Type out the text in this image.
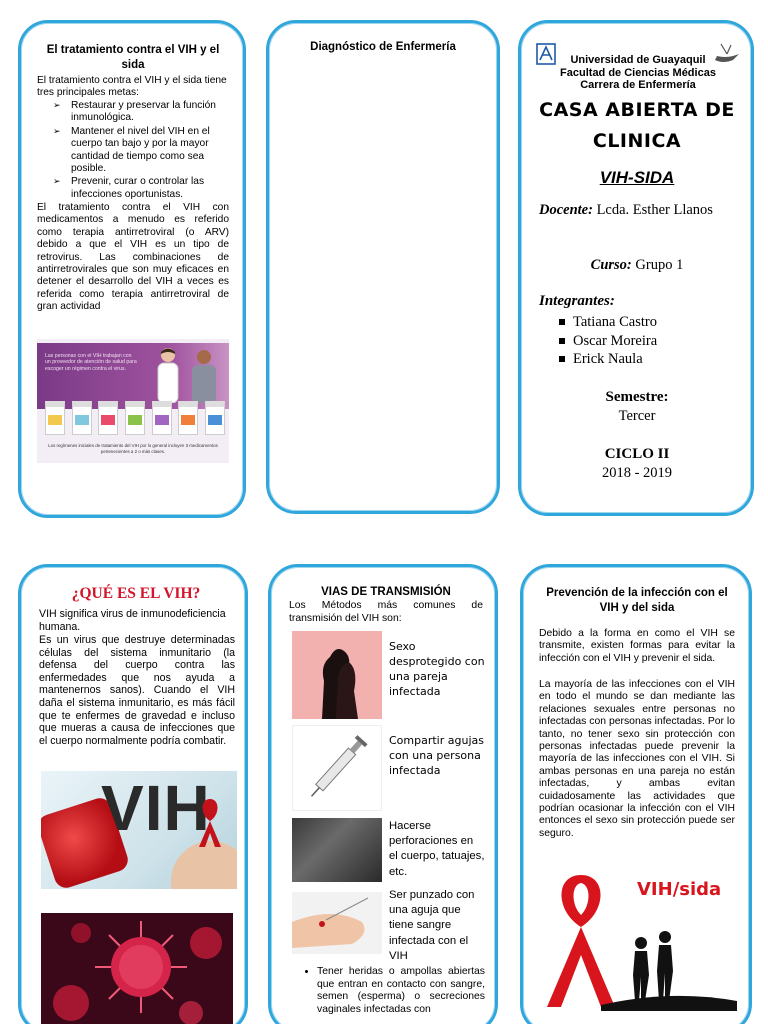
El tratamiento contra el VIH y el sida
El tratamiento contra el VIH y el sida tiene tres principales metas:
➢ Restaurar y preservar la función inmunológica.
➢ Mantener el nivel del VIH en el cuerpo tan bajo y por la mayor cantidad de tiempo como sea posible.
➢ Prevenir, curar o controlar las infecciones oportunistas.
El tratamiento contra el VIH con medicamentos a menudo es referido como terapia antirretroviral (o ARV) debido a que el VIH es un tipo de retrovirus. Las combinaciones de antirretrovirales que son muy eficaces en detener el desarrollo del VIH a veces es referida como terapia antirretroviral de gran actividad
Las personas con el VIH trabajan con un proveedor de atención de salud para escoger un régimen contra el virus.
Los regímenes iniciales de tratamiento del VIH por lo general incluyen 3 medicamentos pertenecientes a 2 o más clases.
Diagnóstico de Enfermería
Universidad de Guayaquil
Facultad de Ciencias Médicas
Carrera de Enfermería
CASA ABIERTA DE
CLINICA
VIH-SIDA
Docente: Lcda. Esther Llanos
Curso: Grupo 1
Integrantes:
Tatiana Castro
Oscar Moreira
Erick Naula
Semestre:
Tercer
CICLO II
2018 - 2019
¿QUÉ ES EL VIH?
VIH significa virus de inmunodeficiencia humana.
Es un virus que destruye determinadas células del sistema inmunitario (la defensa del cuerpo contra las enfermedades que nos ayuda a mantenernos sanos). Cuando el VIH daña el sistema inmunitario, es más fácil que te enfermes de gravedad e incluso que mueras a causa de infecciones que el cuerpo normalmente podría combatir.
VIH
VIAS DE TRANSMISIÓN
Los Métodos más comunes de transmisión del VIH son:
Sexo desprotegido con una pareja infectada
Compartir agujas con una persona infectada
Hacerse perforaciones en el cuerpo, tatuajes, etc.
Ser punzado con una aguja que tiene sangre infectada con el VIH
• Tener heridas o ampollas abiertas que entran en contacto con sangre, semen (esperma) o secreciones vaginales infectadas con
Prevención de la infección con el VIH y del sida
Debido a la forma en como el VIH se transmite, existen formas para evitar la infección con el VIH y prevenir el sida.
La mayoría de las infecciones con el VIH en todo el mundo se dan mediante las relaciones sexuales entre personas no infectadas con personas infectadas. Por lo tanto, no tener sexo sin protección con personas infectadas puede prevenir la mayoría de las infecciones con el VIH. Si ambas personas en una pareja no están infectadas, y ambas evitan cuidadosamente las actividades que podrían ocasionar la infección con el VIH entonces el sexo sin protección puede ser seguro.
VIH/sida
